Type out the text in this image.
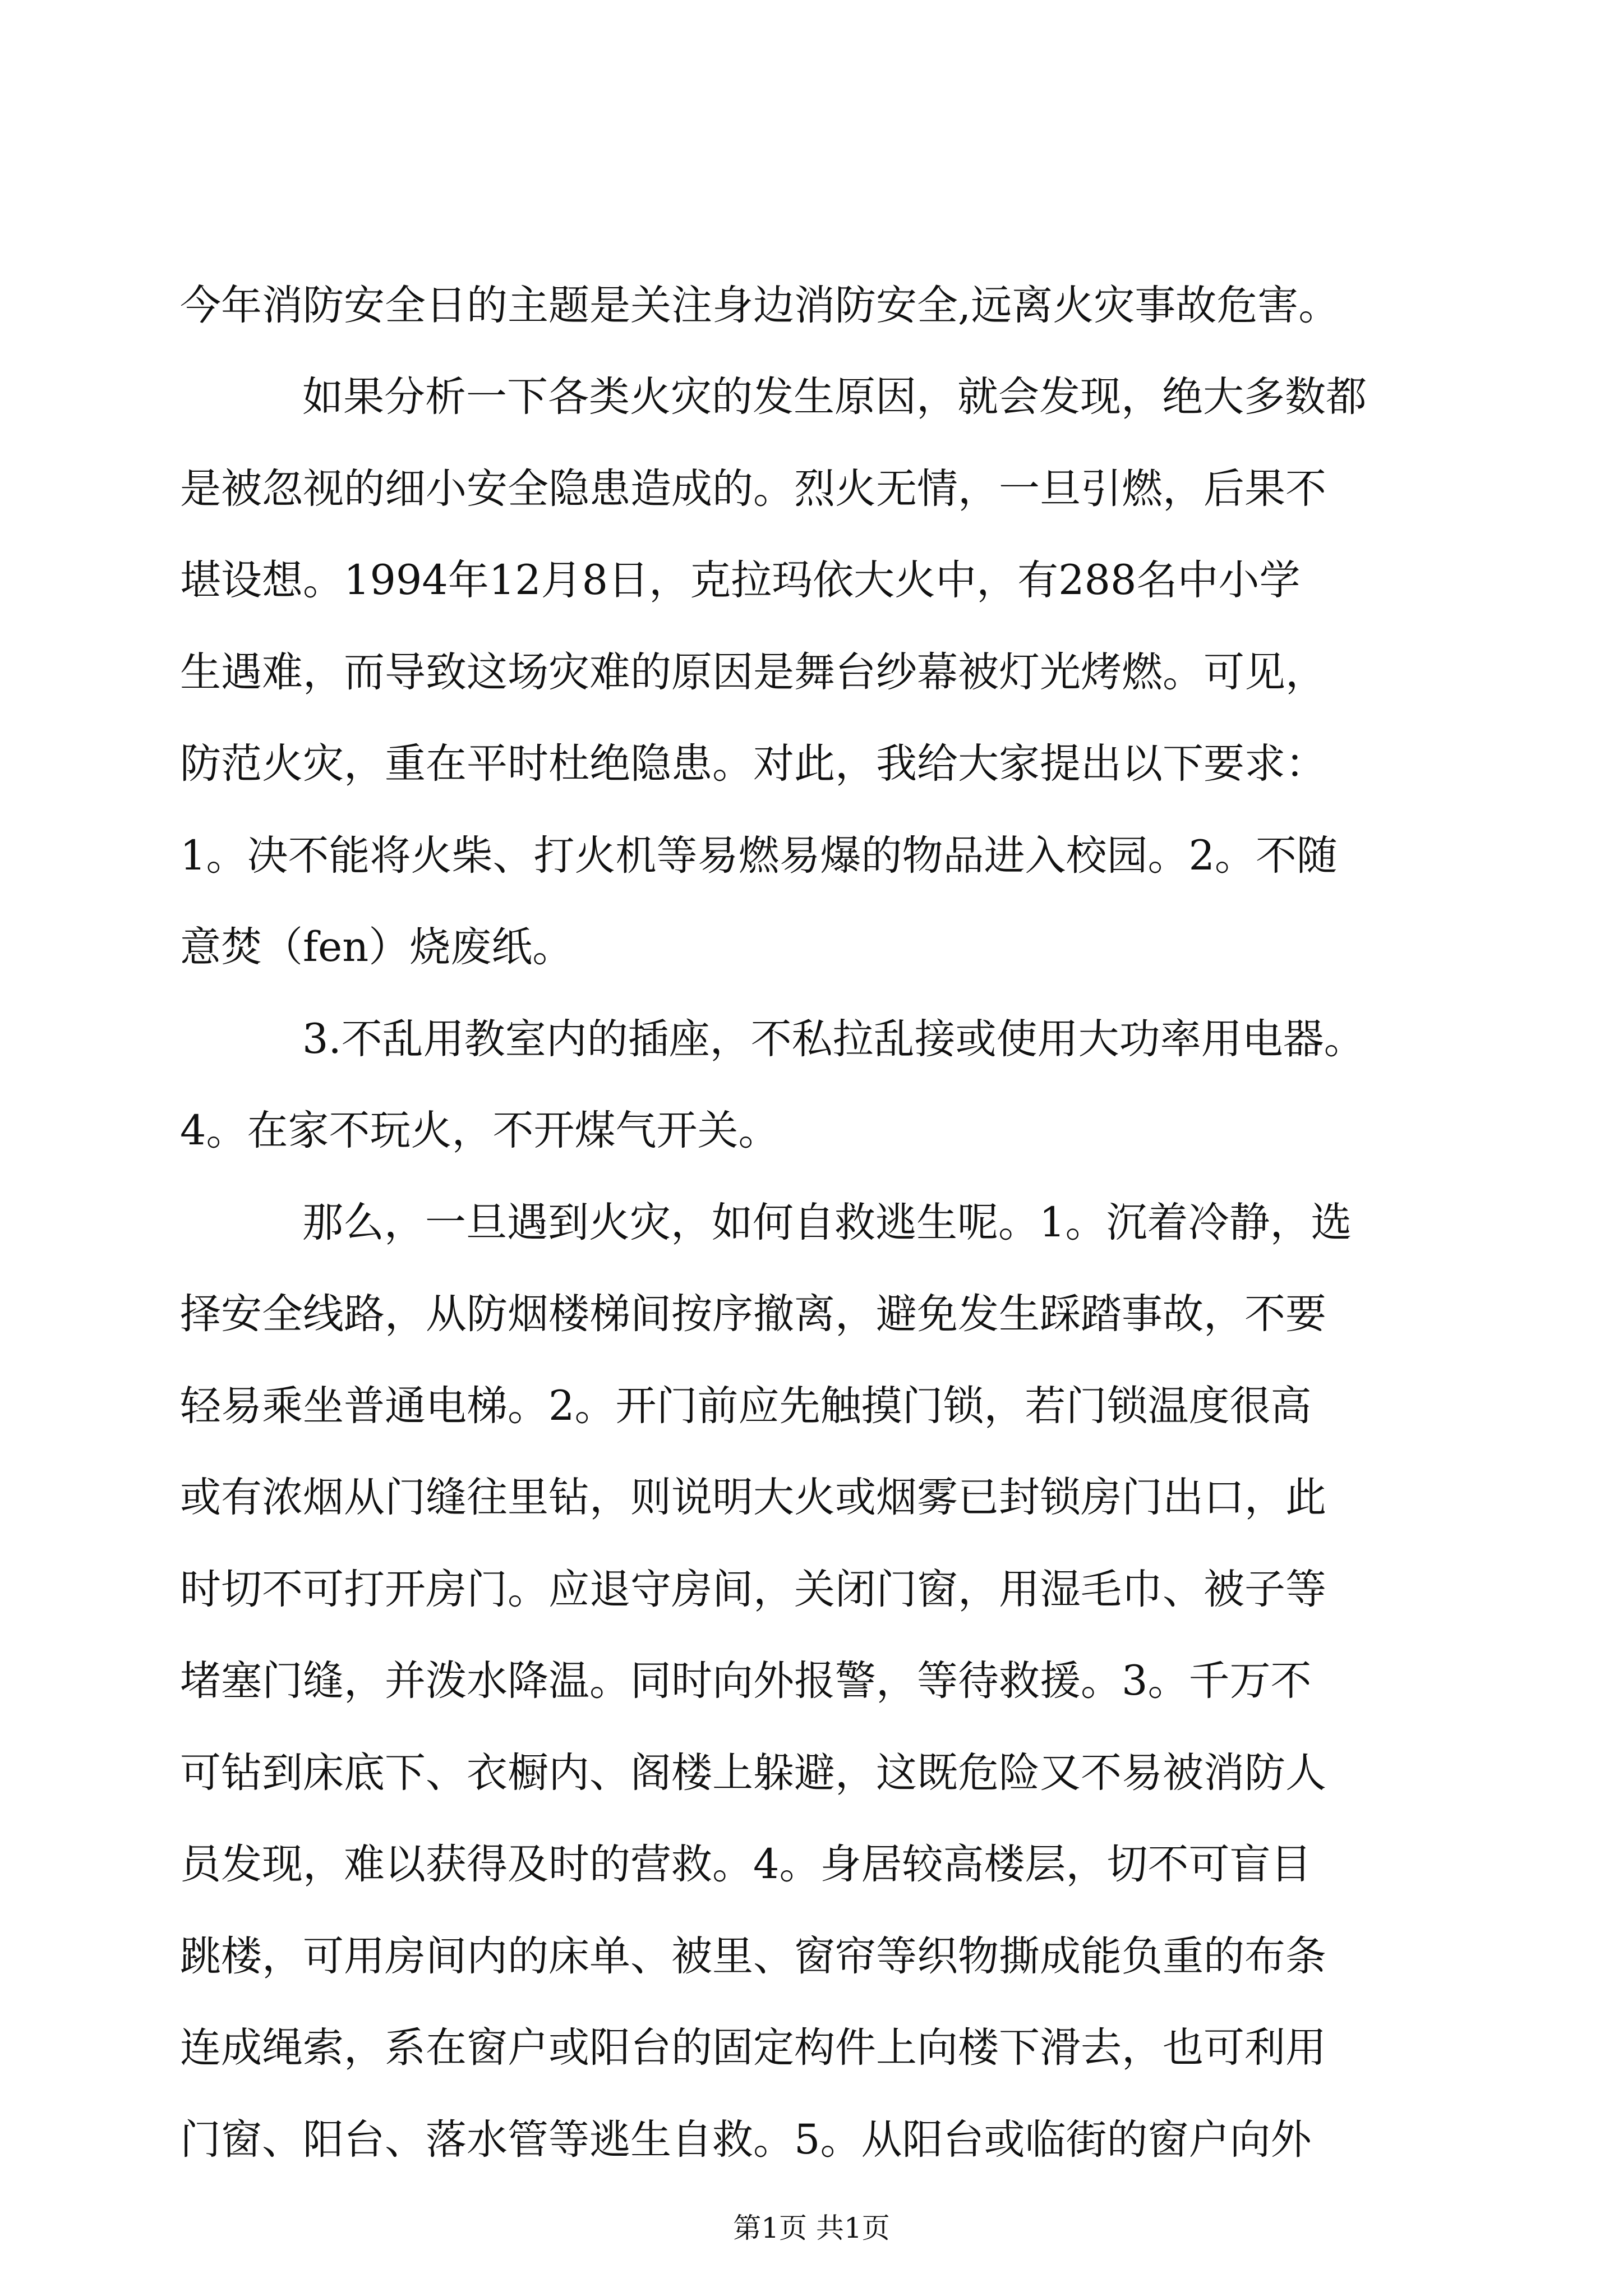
今年消防安全日的主题是关注身边消防安全,远离火灾事故危害。
如果分析一下各类火灾的发生原因，就会发现，绝大多数都
是被忽视的细小安全隐患造成的。烈火无情，一旦引燃，后果不
堪设想。1994年12月8日，克拉玛依大火中，有288名中小学
生遇难，而导致这场灾难的原因是舞台纱幕被灯光烤燃。可见，
防范火灾，重在平时杜绝隐患。对此，我给大家提出以下要求：
1。决不能将火柴、打火机等易燃易爆的物品进入校园。2。不随
意焚（fen）烧废纸。
3.不乱用教室内的插座，不私拉乱接或使用大功率用电器。
4。在家不玩火，不开煤气开关。
那么，一旦遇到火灾，如何自救逃生呢。1。沉着冷静，选
择安全线路，从防烟楼梯间按序撤离，避免发生踩踏事故，不要
轻易乘坐普通电梯。2。开门前应先触摸门锁，若门锁温度很高
或有浓烟从门缝往里钻，则说明大火或烟雾已封锁房门出口，此
时切不可打开房门。应退守房间，关闭门窗，用湿毛巾、被子等
堵塞门缝，并泼水降温。同时向外报警，等待救援。3。千万不
可钻到床底下、衣橱内、阁楼上躲避，这既危险又不易被消防人
员发现，难以获得及时的营救。4。身居较高楼层，切不可盲目
跳楼，可用房间内的床单、被里、窗帘等织物撕成能负重的布条
连成绳索，系在窗户或阳台的固定构件上向楼下滑去，也可利用
门窗、阳台、落水管等逃生自救。5。从阳台或临街的窗户向外
第1页 共1页
